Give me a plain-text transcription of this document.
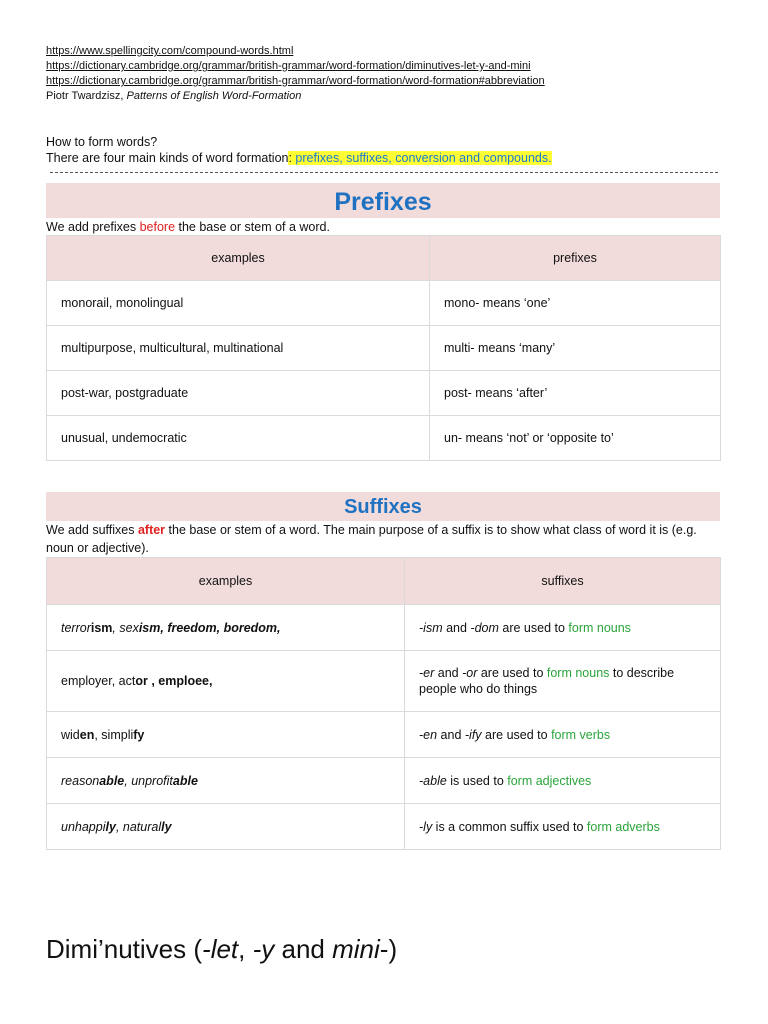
https://www.spellingcity.com/compound-words.html
https://dictionary.cambridge.org/grammar/british-grammar/word-formation/diminutives-let-y-and-mini
https://dictionary.cambridge.org/grammar/british-grammar/word-formation/word-formation#abbreviation
Piotr Twardzisz, Patterns of English Word-Formation
How to form words?
There are four main kinds of word formation: prefixes, suffixes, conversion and compounds.
Prefixes
We add prefixes before the base or stem of a word.
examples	prefixes
monorail, monolingual	mono- means ‘one’
multipurpose, multicultural, multinational	multi- means ‘many’
post-war, postgraduate	post- means ‘after’
unusual, undemocratic	un- means ‘not’ or ‘opposite to’
Suffixes
We add suffixes after the base or stem of a word. The main purpose of a suffix is to show what class of word it is (e.g. noun or adjective).
examples	suffixes
terrorism, sexism, freedom, boredom,	-ism and -dom are used to form nouns
employer, actor , emploee,	-er and -or are used to form nouns to describe people who do things
widen, simplify	-en and -ify are used to form verbs
reasonable, unprofitable	-able is used to form adjectives
unhappily, naturally	-ly is a common suffix used to form adverbs
Dimi’nutives (-let, -y and mini-)
